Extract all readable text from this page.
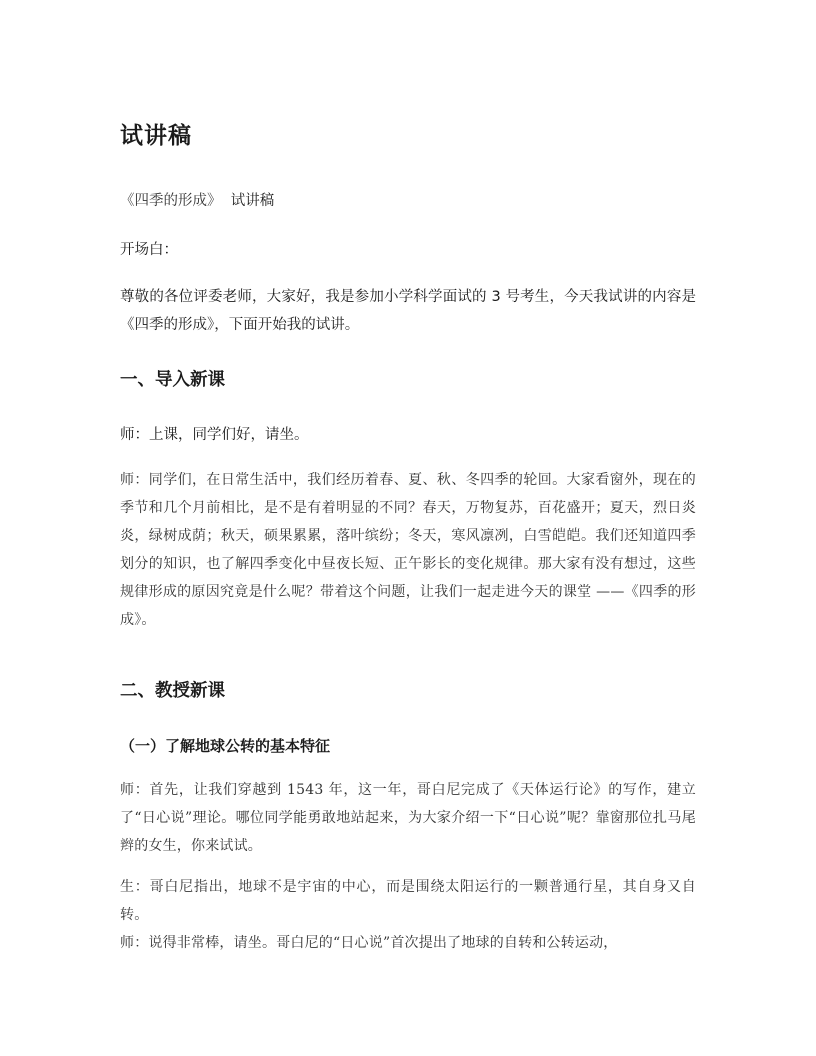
试讲稿

《四季的形成》 试讲稿

开场白：

尊敬的各位评委老师，大家好，我是参加小学科学面试的 3 号考生，今天我试讲的内容是《四季的形成》，下面开始我的试讲。

一、导入新课

师：上课，同学们好，请坐。

师：同学们，在日常生活中，我们经历着春、夏、秋、冬四季的轮回。大家看窗外，现在的季节和几个月前相比，是不是有着明显的不同？春天，万物复苏，百花盛开；夏天，烈日炎炎，绿树成荫；秋天，硕果累累，落叶缤纷；冬天，寒风凛冽，白雪皑皑。我们还知道四季划分的知识，也了解四季变化中昼夜长短、正午影长的变化规律。那大家有没有想过，这些规律形成的原因究竟是什么呢？带着这个问题，让我们一起走进今天的课堂 ——《四季的形成》。

二、教授新课
（一）了解地球公转的基本特征

师：首先，让我们穿越到 1543 年，这一年，哥白尼完成了《天体运行论》的写作，建立了“日心说”理论。哪位同学能勇敢地站起来，为大家介绍一下“日心说”呢？靠窗那位扎马尾辫的女生，你来试试。

生：哥白尼指出，地球不是宇宙的中心，而是围绕太阳运行的一颗普通行星，其自身又自转。

师：说得非常棒，请坐。哥白尼的“日心说”首次提出了地球的自转和公转运动，
